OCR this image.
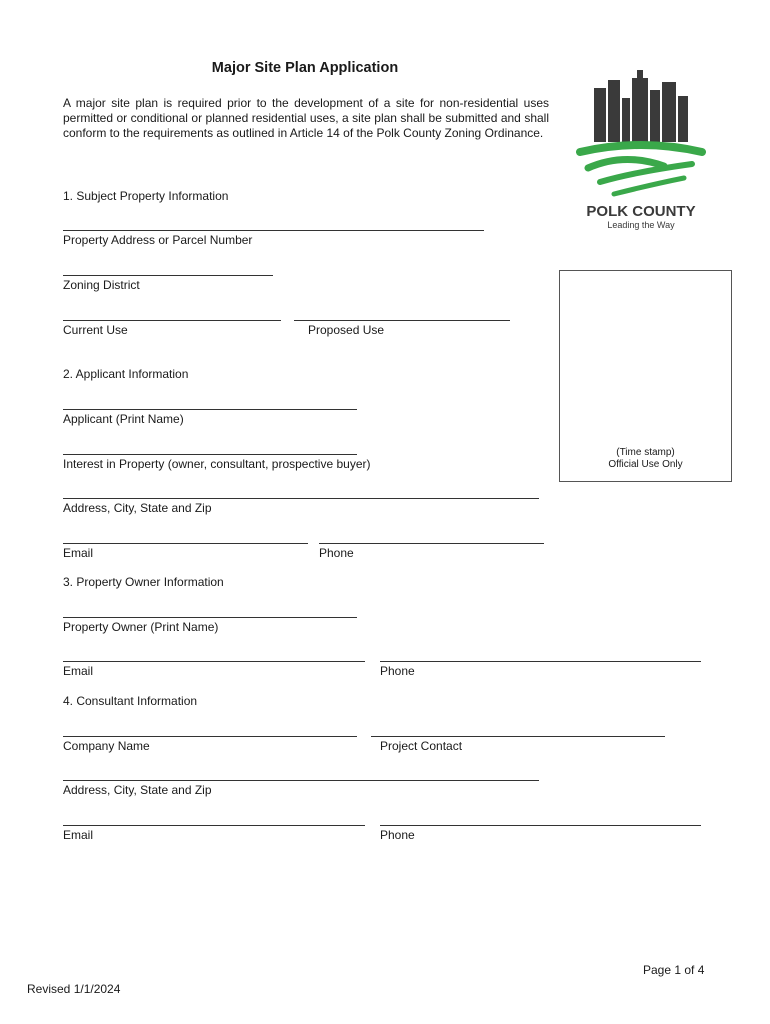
Major Site Plan Application
A major site plan is required prior to the development of a site for non-residential uses permitted or conditional or planned residential uses, a site plan shall be submitted and shall conform to the requirements as outlined in Article 14 of the Polk County Zoning Ordinance.
POLK COUNTY
Leading the Way
1. Subject Property Information
Property Address or Parcel Number
Zoning District
Current Use	Proposed Use
(Time stamp)
Official Use Only
2. Applicant Information
Applicant (Print Name)
Interest in Property (owner, consultant, prospective buyer)
Address, City, State and Zip
Email	Phone
3. Property Owner Information
Property Owner (Print Name)
Email	Phone
4. Consultant Information
Company Name	Project Contact
Address, City, State and Zip
Email	Phone
Page 1 of 4
Revised 1/1/2024
